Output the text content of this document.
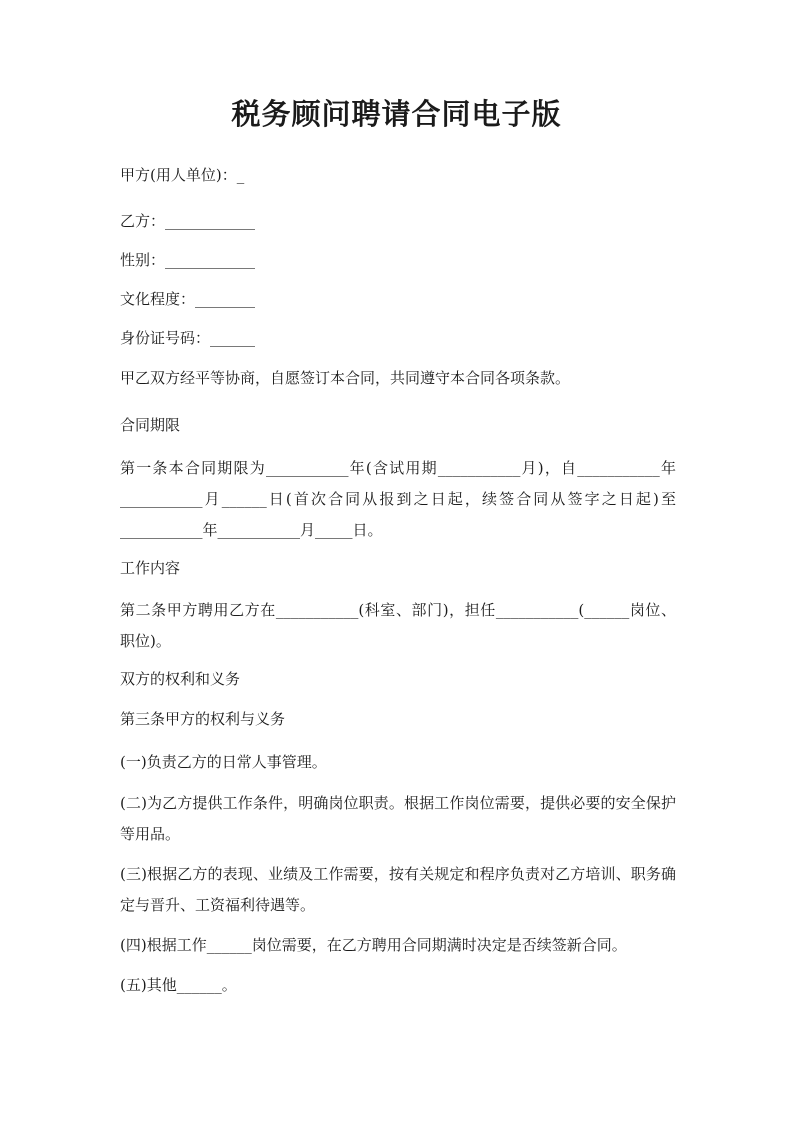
税务顾问聘请合同电子版

甲方(用人单位)：_

乙方：____________

性别：____________

文化程度：________

身份证号码：______

甲乙双方经平等协商，自愿签订本合同，共同遵守本合同各项条款。

合同期限

第一条本合同期限为___________年(含试用期___________月)，自___________年___________月______日(首次合同从报到之日起，续签合同从签字之日起)至___________年___________月_____日。

工作内容

第二条甲方聘用乙方在___________(科室、部门)，担任___________(______岗位、职位)。

双方的权利和义务

第三条甲方的权利与义务

(一)负责乙方的日常人事管理。

(二)为乙方提供工作条件，明确岗位职责。根据工作岗位需要，提供必要的安全保护等用品。

(三)根据乙方的表现、业绩及工作需要，按有关规定和程序负责对乙方培训、职务确定与晋升、工资福利待遇等。

(四)根据工作______岗位需要，在乙方聘用合同期满时决定是否续签新合同。

(五)其他______。
